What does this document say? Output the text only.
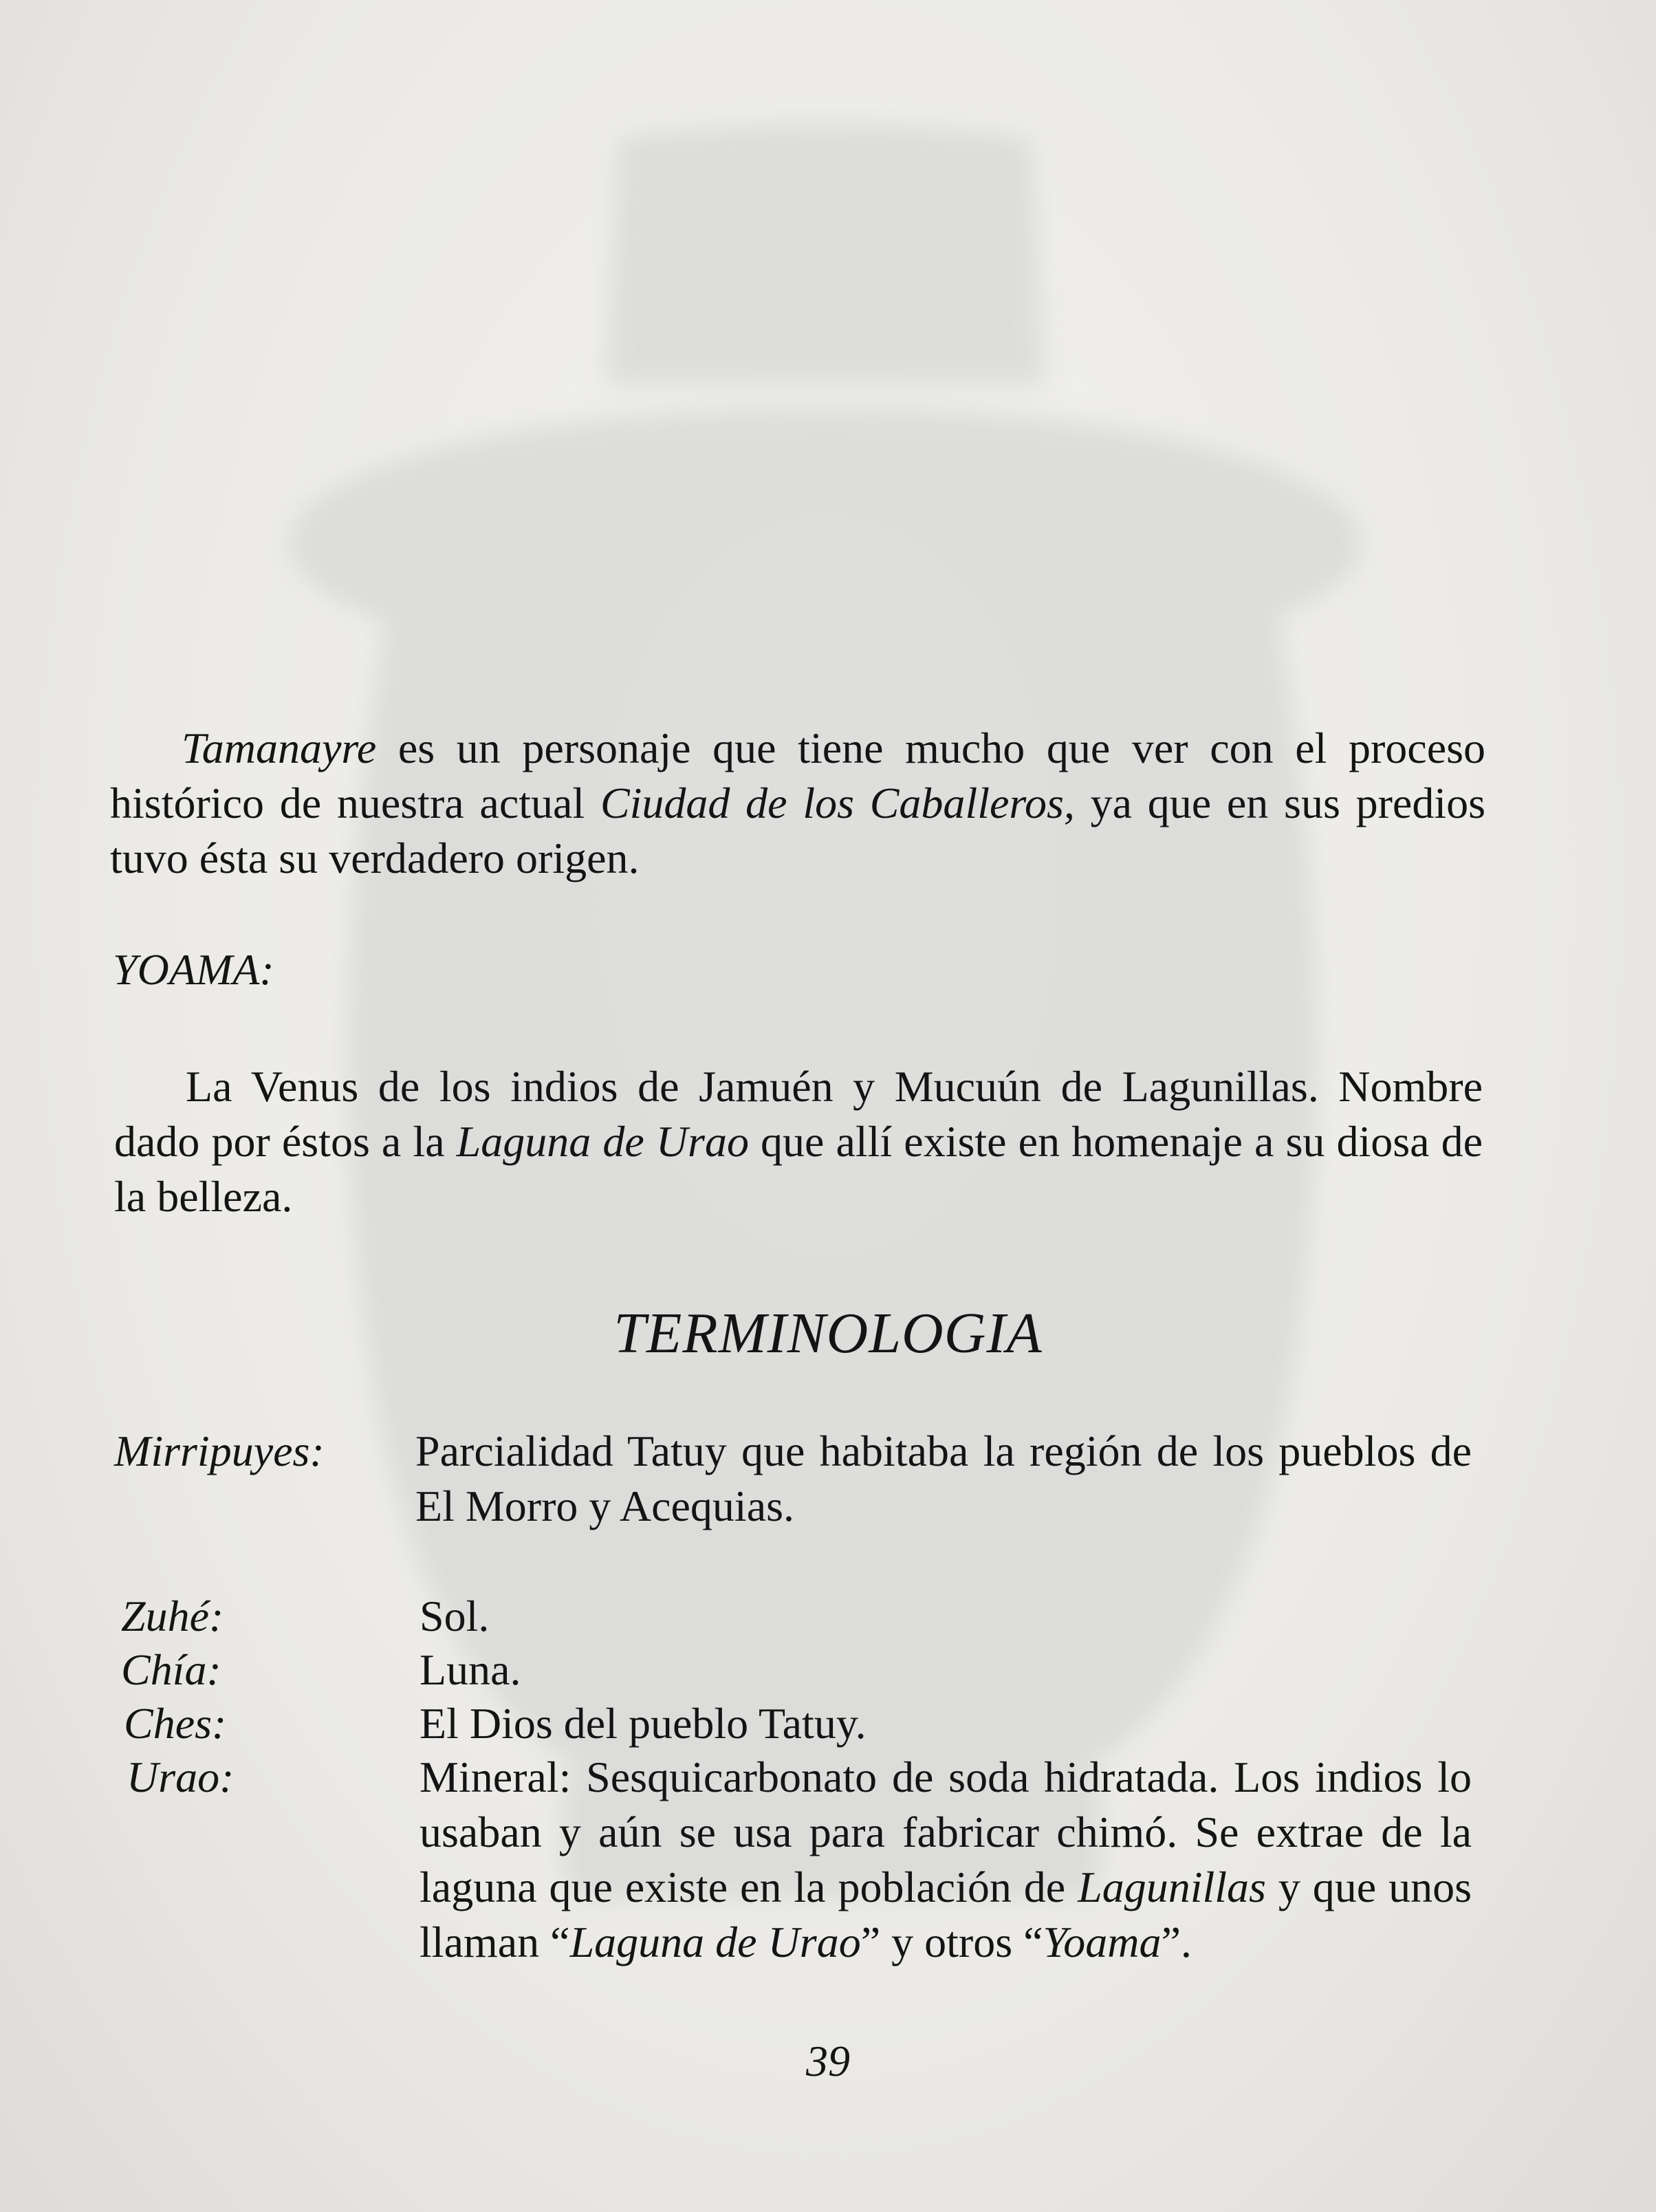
Tamanayre es un personaje que tiene mucho que ver con el proceso histórico de nuestra actual Ciudad de los Caballeros, ya que en sus predios tuvo ésta su verdadero origen.

YOAMA:

La Venus de los indios de Jamuén y Mucuún de Lagunillas. Nombre dado por éstos a la Laguna de Urao que allí existe en homenaje a su diosa de la belleza.

TERMINOLOGIA
Mirripuyes: Parcialidad Tatuy que habitaba la región de los pueblos de El Morro y Acequias.
Zuhé:	Sol.
Chía:	Luna.
Ches:	El Dios del pueblo Tatuy.
Urao:	Mineral: Sesquicarbonato de soda hidratada. Los indios lo usaban y aún se usa para fabricar chimó. Se extrae de la laguna que existe en la población de Lagunillas y que unos llaman “Laguna de Urao” y otros “Yoama”.
39
